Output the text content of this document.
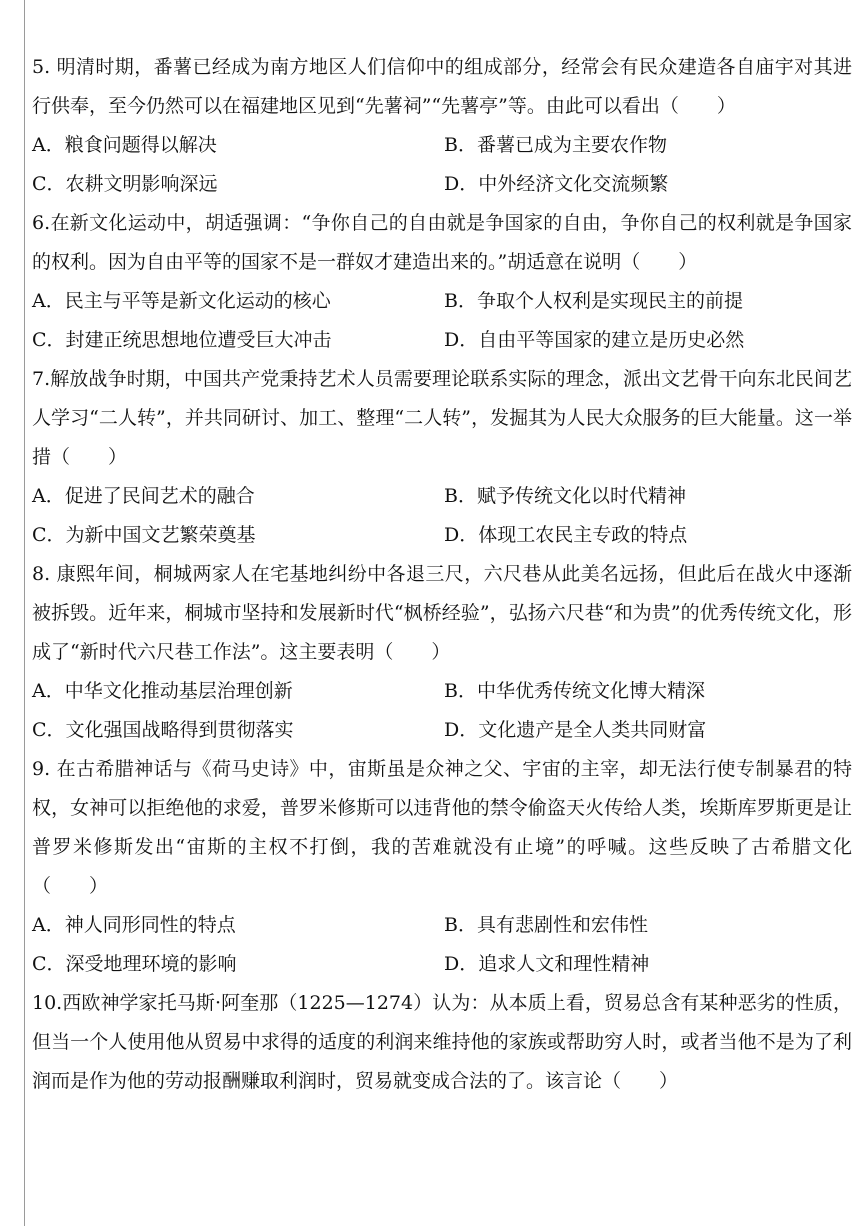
5. 明清时期，番薯已经成为南方地区人们信仰中的组成部分，经常会有民众建造各自庙宇对其进行供奉，至今仍然可以在福建地区见到“先薯祠”“先薯亭”等。由此可以看出（　　）

A．粮食问题得以解决	B．番薯已成为主要农作物

C．农耕文明影响深远	D．中外经济文化交流频繁

6.在新文化运动中，胡适强调：“争你自己的自由就是争国家的自由，争你自己的权利就是争国家的权利。因为自由平等的国家不是一群奴才建造出来的。”胡适意在说明（　　）

A．民主与平等是新文化运动的核心	B．争取个人权利是实现民主的前提

C．封建正统思想地位遭受巨大冲击	D．自由平等国家的建立是历史必然

7.解放战争时期，中国共产党秉持艺术人员需要理论联系实际的理念，派出文艺骨干向东北民间艺人学习“二人转”，并共同研讨、加工、整理“二人转”，发掘其为人民大众服务的巨大能量。这一举措（　　）

A．促进了民间艺术的融合	B．赋予传统文化以时代精神

C．为新中国文艺繁荣奠基	D．体现工农民主专政的特点

8. 康熙年间，桐城两家人在宅基地纠纷中各退三尺，六尺巷从此美名远扬，但此后在战火中逐渐被拆毁。近年来，桐城市坚持和发展新时代“枫桥经验”，弘扬六尺巷“和为贵”的优秀传统文化，形成了“新时代六尺巷工作法”。这主要表明（　　）

A．中华文化推动基层治理创新	B．中华优秀传统文化博大精深

C．文化强国战略得到贯彻落实	D．文化遗产是全人类共同财富

9. 在古希腊神话与《荷马史诗》中，宙斯虽是众神之父、宇宙的主宰，却无法行使专制暴君的特权，女神可以拒绝他的求爱，普罗米修斯可以违背他的禁令偷盗天火传给人类，埃斯库罗斯更是让普罗米修斯发出“宙斯的主权不打倒，我的苦难就没有止境”的呼喊。这些反映了古希腊文化（　　）

A．神人同形同性的特点	B．具有悲剧性和宏伟性

C．深受地理环境的影响	D．追求人文和理性精神

10.西欧神学家托马斯·阿奎那（1225—1274）认为：从本质上看，贸易总含有某种恶劣的性质，但当一个人使用他从贸易中求得的适度的利润来维持他的家族或帮助穷人时，或者当他不是为了利润而是作为他的劳动报酬赚取利润时，贸易就变成合法的了。该言论（　　）
